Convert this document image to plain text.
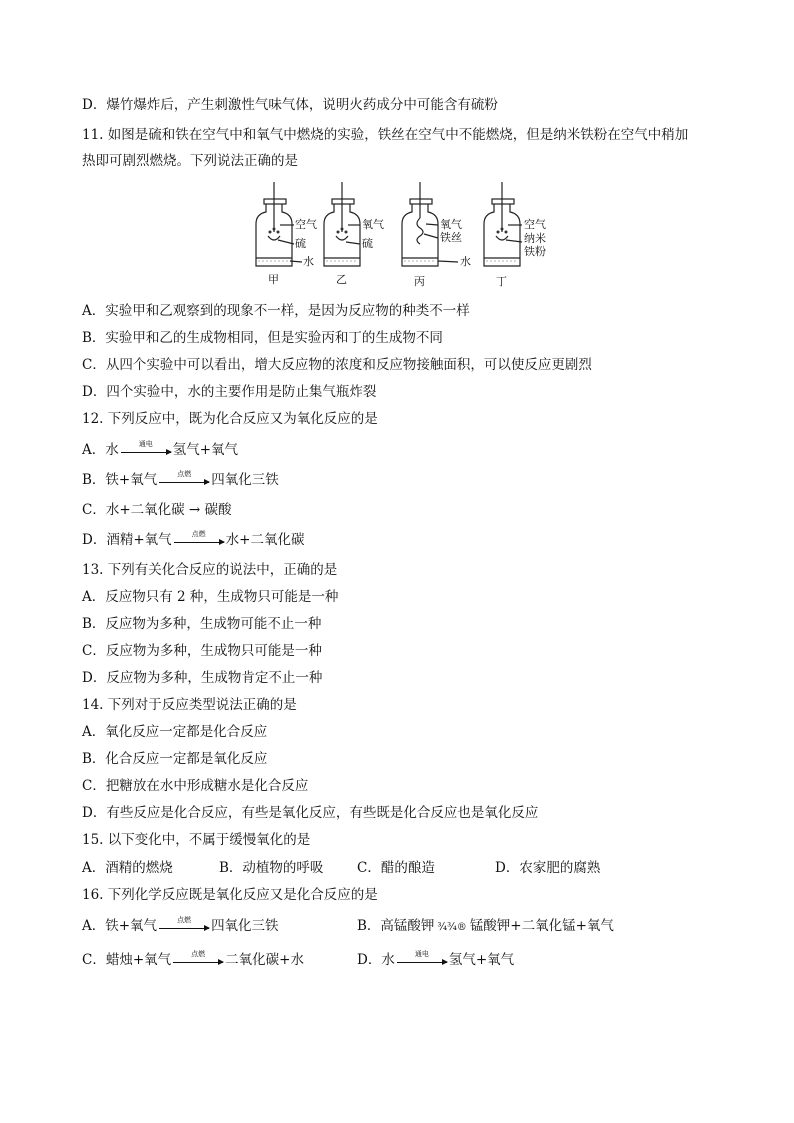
D．爆竹爆炸后，产生刺激性气味气体，说明火药成分中可能含有硫粉
11. 如图是硫和铁在空气中和氧气中燃烧的实验，铁丝在空气中不能燃烧，但是纳米铁粉在空气中稍加
热即可剧烈燃烧。下列说法正确的是
空气
硫
氧气
硫
氧气
铁丝
空气
纳米
铁粉
水	水
甲	乙	丙	丁
A．实验甲和乙观察到的现象不一样，是因为反应物的种类不一样
B．实验甲和乙的生成物相同，但是实验丙和丁的生成物不同
C．从四个实验中可以看出，增大反应物的浓度和反应物接触面积，可以使反应更剧烈
D．四个实验中，水的主要作用是防止集气瓶炸裂
12. 下列反应中，既为化合反应又为氧化反应的是
A．水	通电	氢气+氧气
B．铁+氧气	点燃	四氧化三铁
C．水+二氧化碳 → 碳酸
D．酒精+氧气	点燃	水+二氧化碳
13. 下列有关化合反应的说法中，正确的是
A．反应物只有 2 种，生成物只可能是一种
B．反应物为多种，生成物可能不止一种
C．反应物为多种，生成物只可能是一种
D．反应物为多种，生成物肯定不止一种
14. 下列对于反应类型说法正确的是
A．氧化反应一定都是化合反应
B．化合反应一定都是氧化反应
C．把糖放在水中形成糖水是化合反应
D．有些反应是化合反应，有些是氧化反应，有些既是化合反应也是氧化反应
15. 以下变化中，不属于缓慢氧化的是
A．酒精的燃烧	B．动植物的呼吸 C．醋的酿造	D．农家肥的腐熟
16. 下列化学反应既是氧化反应又是化合反应的是
A．铁+氧气	点燃	四氧化三铁	B．高锰酸钾 ¾¾® 锰酸钾+二氧化锰+氧气
C．蜡烛+氧气	点燃	二氧化碳+水	D．水	通电	氢气+氧气
